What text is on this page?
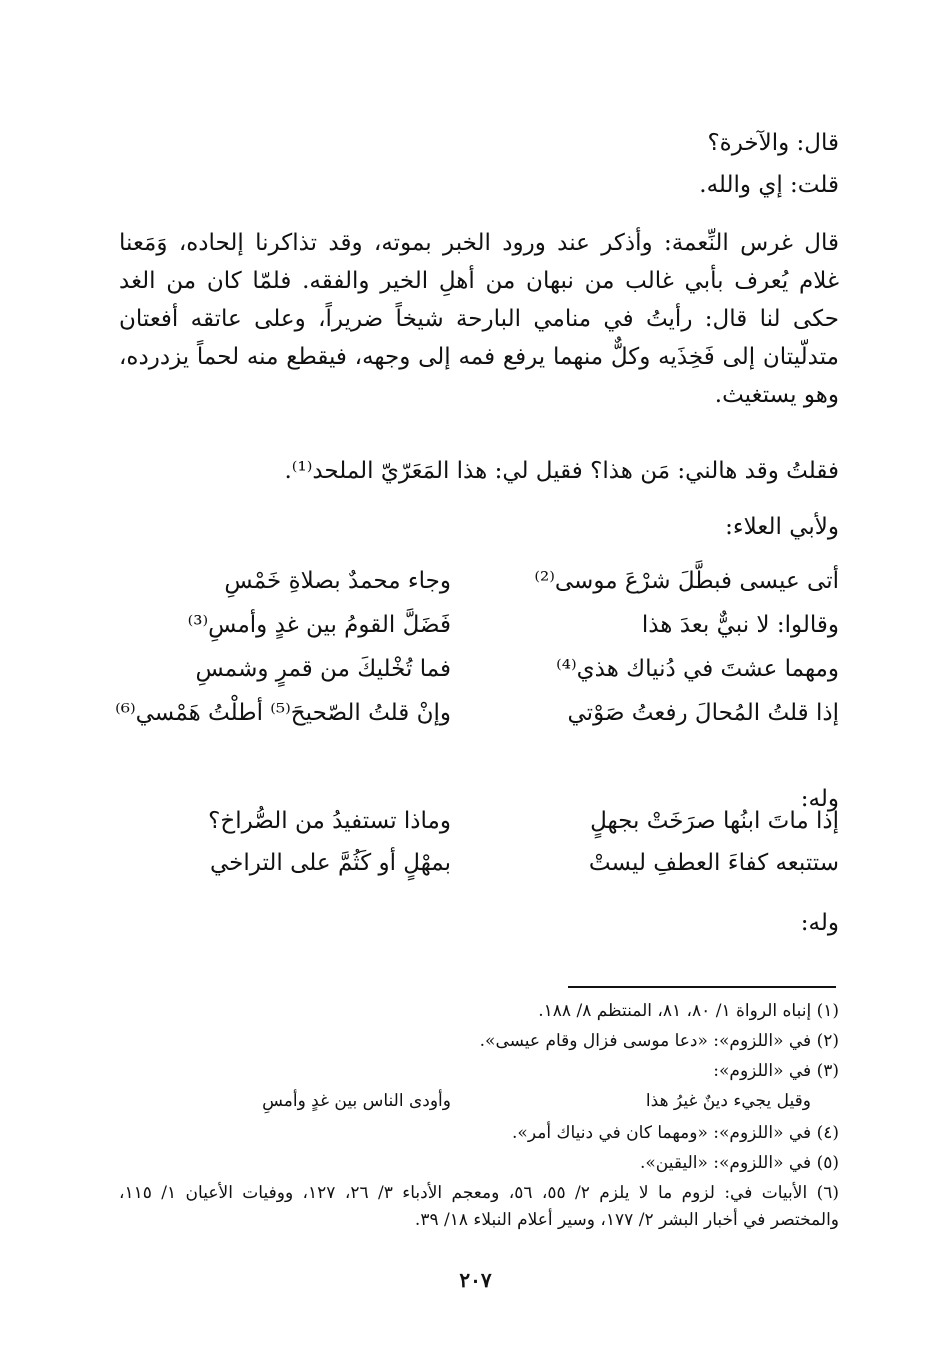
قال: والآخرة؟
قلت: إي والله.
قال غرس النِّعمة: وأذكر عند ورود الخبر بموته، وقد تذاكرنا إلحاده، وَمَعنا غلام يُعرف بأبي غالب من نبهان من أهلِ الخير والفقه. فلمّا كان من الغد حكى لنا قال: رأيتُ في منامي البارحة شيخاً ضريراً، وعلى عاتقه أفعتان متدلّيتان إلى فَخِذَيه وكلٌّ منهما يرفع فمه إلى وجهه، فيقطع منه لحماً يزدرده، وهو يستغيث.
فقلتُ وقد هالني: مَن هذا؟ فقيل لي: هذا المَعَرّيّ الملحد⁽¹⁾.
ولأبي العلاء:
أتى عيسى فبطَّلَ شرْعَ موسى⁽²⁾
وجاء محمدٌ بصلاةِ خَمْسِ
وقالوا: لا نبيٌّ بعدَ هذا
فَضَلَّ القومُ بين غدٍ وأمسِ⁽³⁾
ومهما عشتَ في دُنياك هذي⁽⁴⁾
فما تُخْليكَ من قمرٍ وشمسِ
إذا قلتُ المُحالَ رفعتُ صَوْتي
وإنْ قلتُ الصّحيحَ⁽⁵⁾ أطلْتُ هَمْسي⁽⁶⁾
وله:
إذا ماتَ ابنُها صرَخَتْ بجهلٍ
وماذا تستفيدُ من الصُّراخ؟
ستتبعه كفاءَ العطفِ ليستْ
بمهْلٍ أو كَثُمَّ على التراخي
وله:
(١) إنباه الرواة ١/ ٨٠، ٨١، المنتظم ٨/ ١٨٨.
(٢) في «اللزوم»: «دعا موسى فزال وقام عيسى».
(٣) في «اللزوم»:
وقيل يجيء دينٌ غيرُ هذا
وأودى الناس بين غدٍ وأمسِ
(٤) في «اللزوم»: «ومهما كان في دنياك أمر».
(٥) في «اللزوم»: «اليقين».
(٦) الأبيات في: لزوم ما لا يلزم ٢/ ٥٥، ٥٦، ومعجم الأدباء ٣/ ٢٦، ١٢٧، ووفيات الأعيان ١/ ١١٥، والمختصر في أخبار البشر ٢/ ١٧٧، وسير أعلام النبلاء ١٨/ ٣٩.
٢٠٧
